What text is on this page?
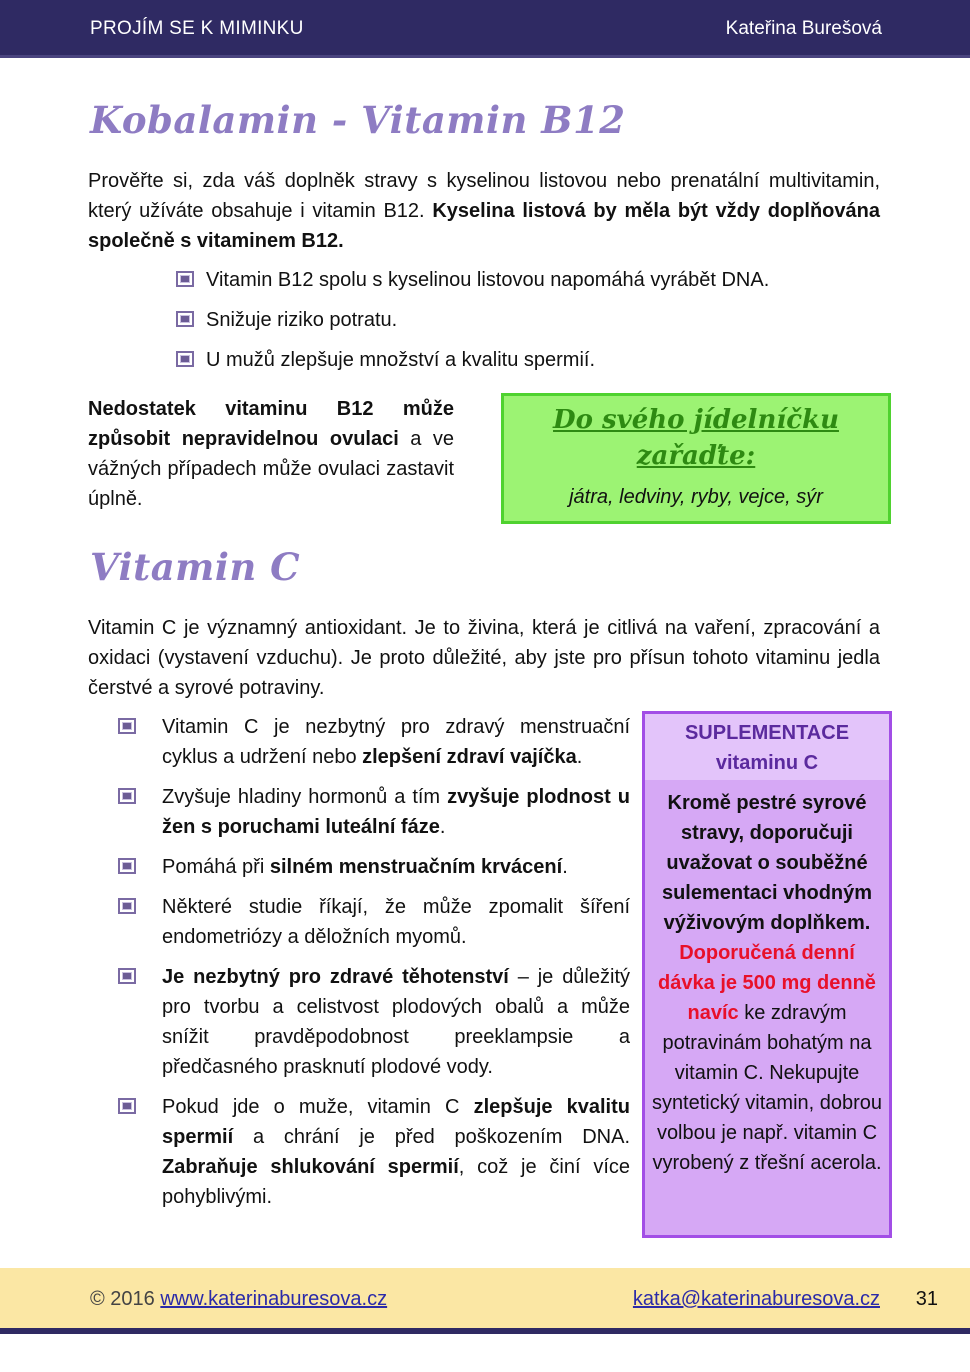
PROJÍM SE K MIMINKU	Kateřina Burešová
Kobalamin - Vitamin B12

Prověřte si, zda váš doplněk stravy s kyselinou listovou nebo prenatální multivitamin, který užíváte obsahuje i vitamin B12. Kyselina listová by měla být vždy doplňována společně s vitaminem B12.

Vitamin B12 spolu s kyselinou listovou napomáhá vyrábět DNA.
Snižuje riziko potratu.
U mužů zlepšuje množství a kvalitu spermií.

Nedostatek vitaminu B12 může způsobit nepravidelnou ovulaci a ve vážných případech může ovulaci zastavit úplně.

Do svého jídelníčku zařaďte:
játra, ledviny, ryby, vejce, sýr
Vitamin C

Vitamin C je významný antioxidant. Je to živina, která je citlivá na vaření, zpracování a oxidaci (vystavení vzduchu). Je proto důležité, aby jste pro přísun tohoto vitaminu jedla čerstvé a syrové potraviny.

Vitamin C je nezbytný pro zdravý menstruační cyklus a udržení nebo zlepšení zdraví vajíčka.
Zvyšuje hladiny hormonů a tím zvyšuje plodnost u žen s poruchami luteální fáze.
Pomáhá při silném menstruačním krvácení.
Některé studie říkají, že může zpomalit šíření endometriózy a děložních myomů.
Je nezbytný pro zdravé těhotenství – je důležitý pro tvorbu a celistvost plodových obalů a může snížit pravděpodobnost preeklampsie a předčasného prasknutí plodové vody.
Pokud jde o muže, vitamin C zlepšuje kvalitu spermií a chrání je před poškozením DNA. Zabraňuje shlukování spermií, což je činí více pohyblivými.
SUPLEMENTACE
vitaminu C
Kromě pestré syrové stravy, doporučuji uvažovat o souběžné sulementaci vhodným výživovým doplňkem. Doporučená denní dávka je 500 mg denně navíc ke zdravým potravinám bohatým na vitamin C. Nekupujte syntetický vitamin, dobrou volbou je např. vitamin C vyrobený z třešní acerola.
© 2016 www.katerinaburesova.cz	katka@katerinaburesova.cz 31
